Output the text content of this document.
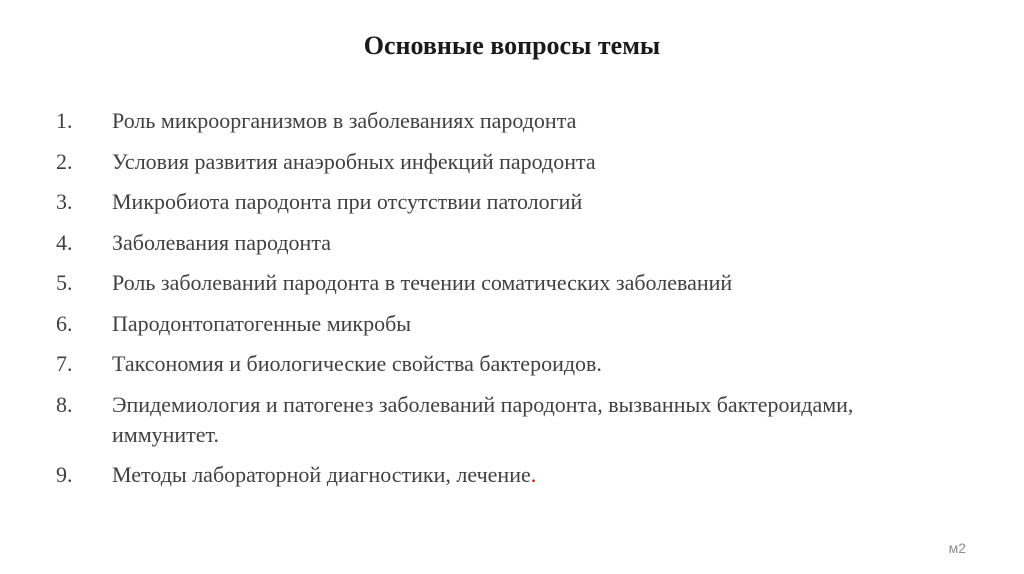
Основные вопросы темы
1.	Роль микроорганизмов в заболеваниях пародонта
2.	Условия развития анаэробных инфекций пародонта
3.	Микробиота пародонта при отсутствии патологий
4.	Заболевания пародонта
5.	Роль заболеваний пародонта в течении соматических заболеваний
6.	Пародонтопатогенные микробы
7.	Таксономия и биологические свойства бактероидов.
8.	Эпидемиология и патогенез заболеваний пародонта, вызванных бактероидами, иммунитет.
9.	Методы лабораторной диагностики, лечение.
м2
